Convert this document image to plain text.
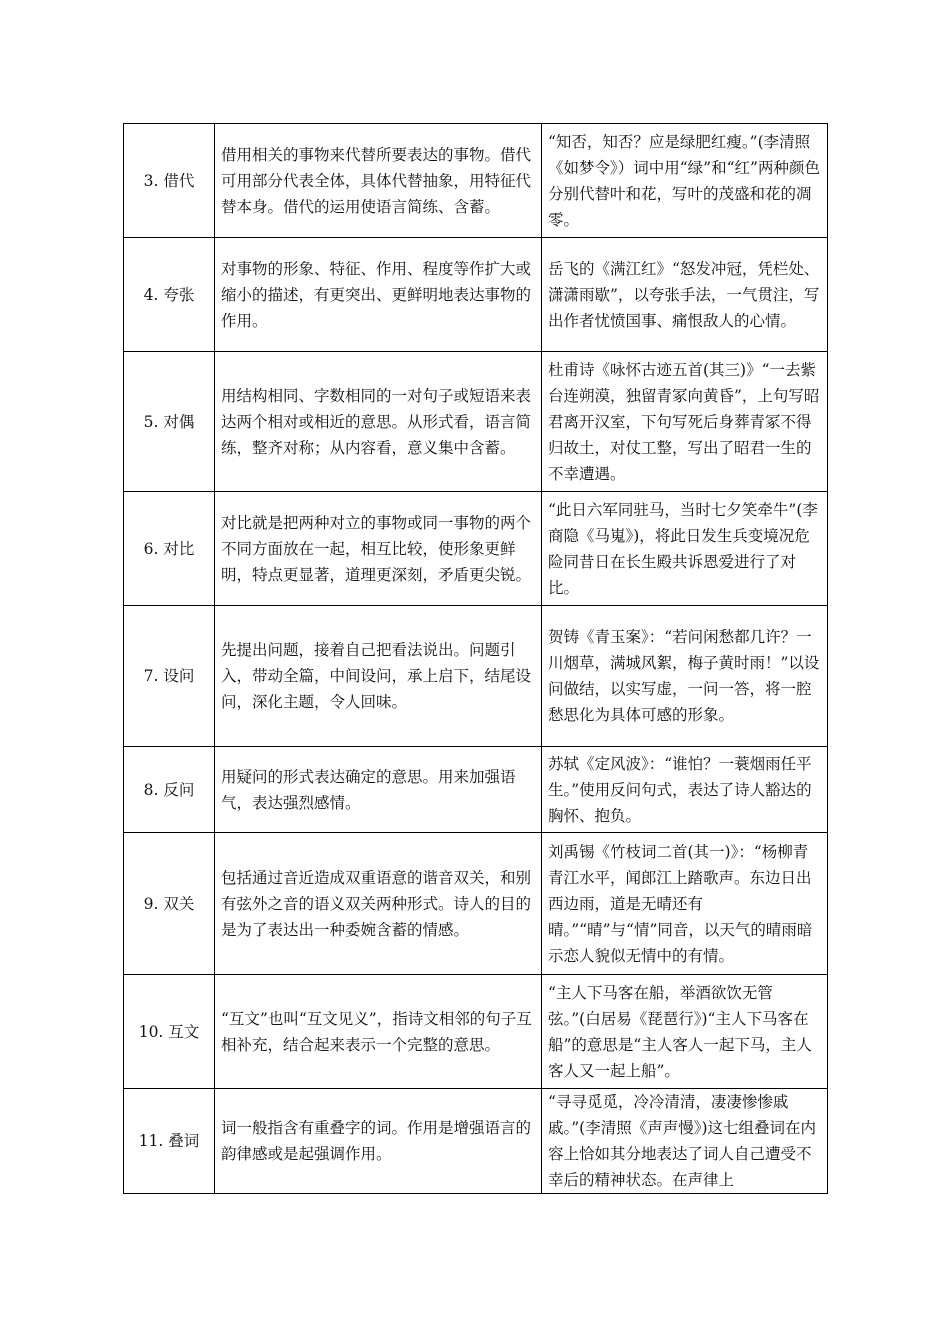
3. 借代	借用相关的事物来代替所要表达的事物。借代可用部分代表全体，具体代替抽象，用特征代替本身。借代的运用使语言简练、含蓄。	“知否，知否？应是绿肥红瘦。”(李清照《如梦令》）词中用“绿”和“红”两种颜色分别代替叶和花，写叶的茂盛和花的凋零。
4. 夸张	对事物的形象、特征、作用、程度等作扩大或缩小的描述，有更突出、更鲜明地表达事物的作用。	岳飞的《满江红》“怒发冲冠，凭栏处、潇潇雨歇”，以夸张手法，一气贯注，写出作者忧愤国事、痛恨敌人的心情。
5. 对偶	用结构相同、字数相同的一对句子或短语来表达两个相对或相近的意思。从形式看，语言简练，整齐对称；从内容看，意义集中含蓄。	杜甫诗《咏怀古迹五首(其三)》“一去紫台连朔漠，独留青冢向黄昏”，上句写昭君离开汉室，下句写死后身葬青冢不得归故土，对仗工整，写出了昭君一生的不幸遭遇。
6. 对比	对比就是把两种对立的事物或同一事物的两个不同方面放在一起，相互比较，使形象更鲜明，特点更显著，道理更深刻，矛盾更尖锐。	“此日六军同驻马，当时七夕笑牵牛”(李商隐《马嵬》)，将此日发生兵变境况危险同昔日在长生殿共诉恩爱进行了对比。
7. 设问	先提出问题，接着自己把看法说出。问题引入，带动全篇，中间设问，承上启下，结尾设问，深化主题，令人回味。	贺铸《青玉案》：“若问闲愁都几许？一川烟草，满城风絮，梅子黄时雨！”以设问做结，以实写虚，一问一答，将一腔愁思化为具体可感的形象。
8. 反问	用疑问的形式表达确定的意思。用来加强语气，表达强烈感情。	苏轼《定风波》：“谁怕？一蓑烟雨任平生。”使用反问句式，表达了诗人豁达的胸怀、抱负。
9. 双关	包括通过音近造成双重语意的谐音双关，和别有弦外之音的语义双关两种形式。诗人的目的是为了表达出一种委婉含蓄的情感。	刘禹锡《竹枝词二首(其一)》：“杨柳青青江水平，闻郎江上踏歌声。东边日出西边雨，道是无晴还有晴。”“晴”与“情”同音，以天气的晴雨暗示恋人貌似无情中的有情。
10. 互文	“互文”也叫“互文见义”，指诗文相邻的句子互相补充，结合起来表示一个完整的意思。	“主人下马客在船，举酒欲饮无管弦。”(白居易《琵琶行》)“主人下马客在船”的意思是“主人客人一起下马，主人客人又一起上船”。
11. 叠词	词一般指含有重叠字的词。作用是增强语言的韵律感或是起强调作用。	“寻寻觅觅，冷冷清清，凄凄惨惨戚戚。”(李清照《声声慢》)这七组叠词在内容上恰如其分地表达了词人自己遭受不幸后的精神状态。在声律上
